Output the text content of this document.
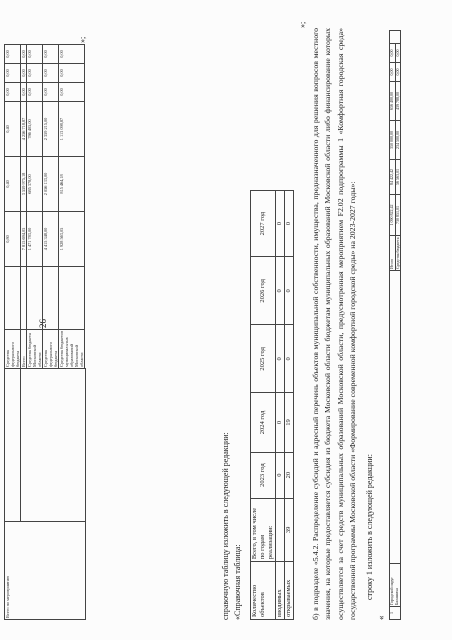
26
Всего по мероприятию		Средства федерального бюджета		0,80	0,40	0,40	0,00	0,00	0,00	
		Всего		7 815 694,05	3 559 975,18	4 256 718,87	0,00	0,00	0,00	
		Средства бюджета Московской области		1 471 783,00	685 378,00	786 405,00	0,00	0,00	0,00	
		Средства федерального бюджета		4 415 348,00	2 056 133,00	2 359 215,00	0,00	0,00	0,00	
		Средства бюджетов муниципальных образований Московской области		1 928 563,05	815 464,18	1 113 098,87	0,00	0,00	0,00	»;

справочную таблицу изложить в следующей редакции: «Справочная таблица: Количество объектов	Всего, в том числе по годам реализации:	2023 год	2024 год	2025 год	2026 год	2027 год
вводимых		0	0	0	0	0
открываемых	39	20	19	0	0	0
»;

б) в подразделе «5.4.2. Распределение субсидий и адресный перечень объектов муниципальной собственности, имущества, предназначенного для решения вопросов местного значения, на которые предоставляется субсидия из бюджета Московской области бюджетам муниципальных образований Московской области либо финансирование которых осуществляется за счет средств муниципальных образований Московской области, предусмотренная мероприятием F2.02 подпрограммы 1 «Комфортная городская среда» государственной программы Московской области «Формирование современной комфортной городской среды» на 2023-2027 годы»: строку 1 изложить в следующей редакции:
«
1	Городской округ Балашиха		Итого	1 090 822,42	84 422,42	350 000,00	656 400,00	0,00	0,00	
			Средства бюджета	730 851,01	56 563,01	234 500,00	439 788,00	0,00	0,00	
